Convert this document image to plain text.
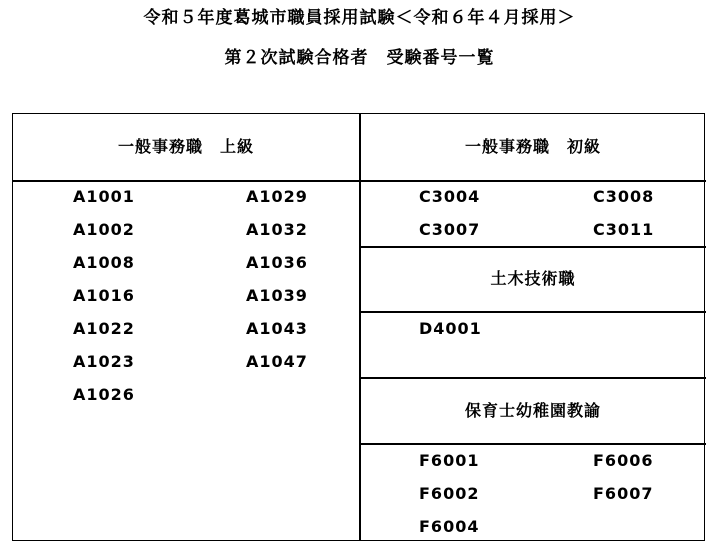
令和５年度葛城市職員採用試験＜令和６年４月採用＞
第２次試験合格者　受験番号一覧
一般事務職　上級	一般事務職　初級
土木技術職
保育士幼稚園教諭
A1001
A1002
A1008
A1016
A1022
A1023
A1026
A1029
A1032
A1036
A1039
A1043
A1047
C3004
C3007
C3008
C3011
D4001
F6001
F6002
F6004
F6006
F6007
